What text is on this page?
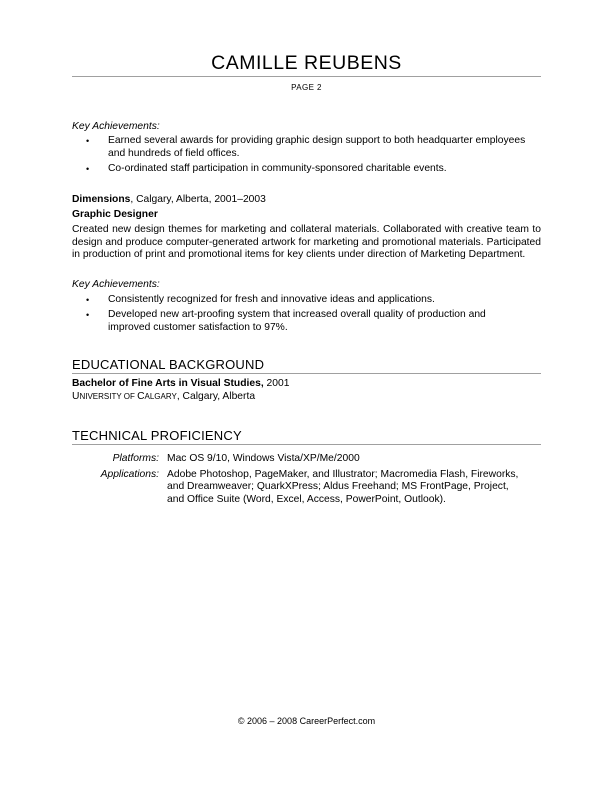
CAMILLE REUBENS
PAGE 2
Key Achievements:
• Earned several awards for providing graphic design support to both headquarter employees and hundreds of field offices.
• Co-ordinated staff participation in community-sponsored charitable events.
Dimensions, Calgary, Alberta, 2001–2003
Graphic Designer
Created new design themes for marketing and collateral materials. Collaborated with creative team to design and produce computer-generated artwork for marketing and promotional materials. Participated in production of print and promotional items for key clients under direction of Marketing Department.
Key Achievements:
• Consistently recognized for fresh and innovative ideas and applications.
• Developed new art-proofing system that increased overall quality of production and improved customer satisfaction to 97%.
EDUCATIONAL BACKGROUND
Bachelor of Fine Arts in Visual Studies, 2001
UNIVERSITY OF CALGARY, Calgary, Alberta
TECHNICAL PROFICIENCY
Platforms: Mac OS 9/10, Windows Vista/XP/Me/2000
Applications: Adobe Photoshop, PageMaker, and Illustrator; Macromedia Flash, Fireworks, and Dreamweaver; QuarkXPress; Aldus Freehand; MS FrontPage, Project, and Office Suite (Word, Excel, Access, PowerPoint, Outlook).
© 2006 – 2008 CareerPerfect.com
